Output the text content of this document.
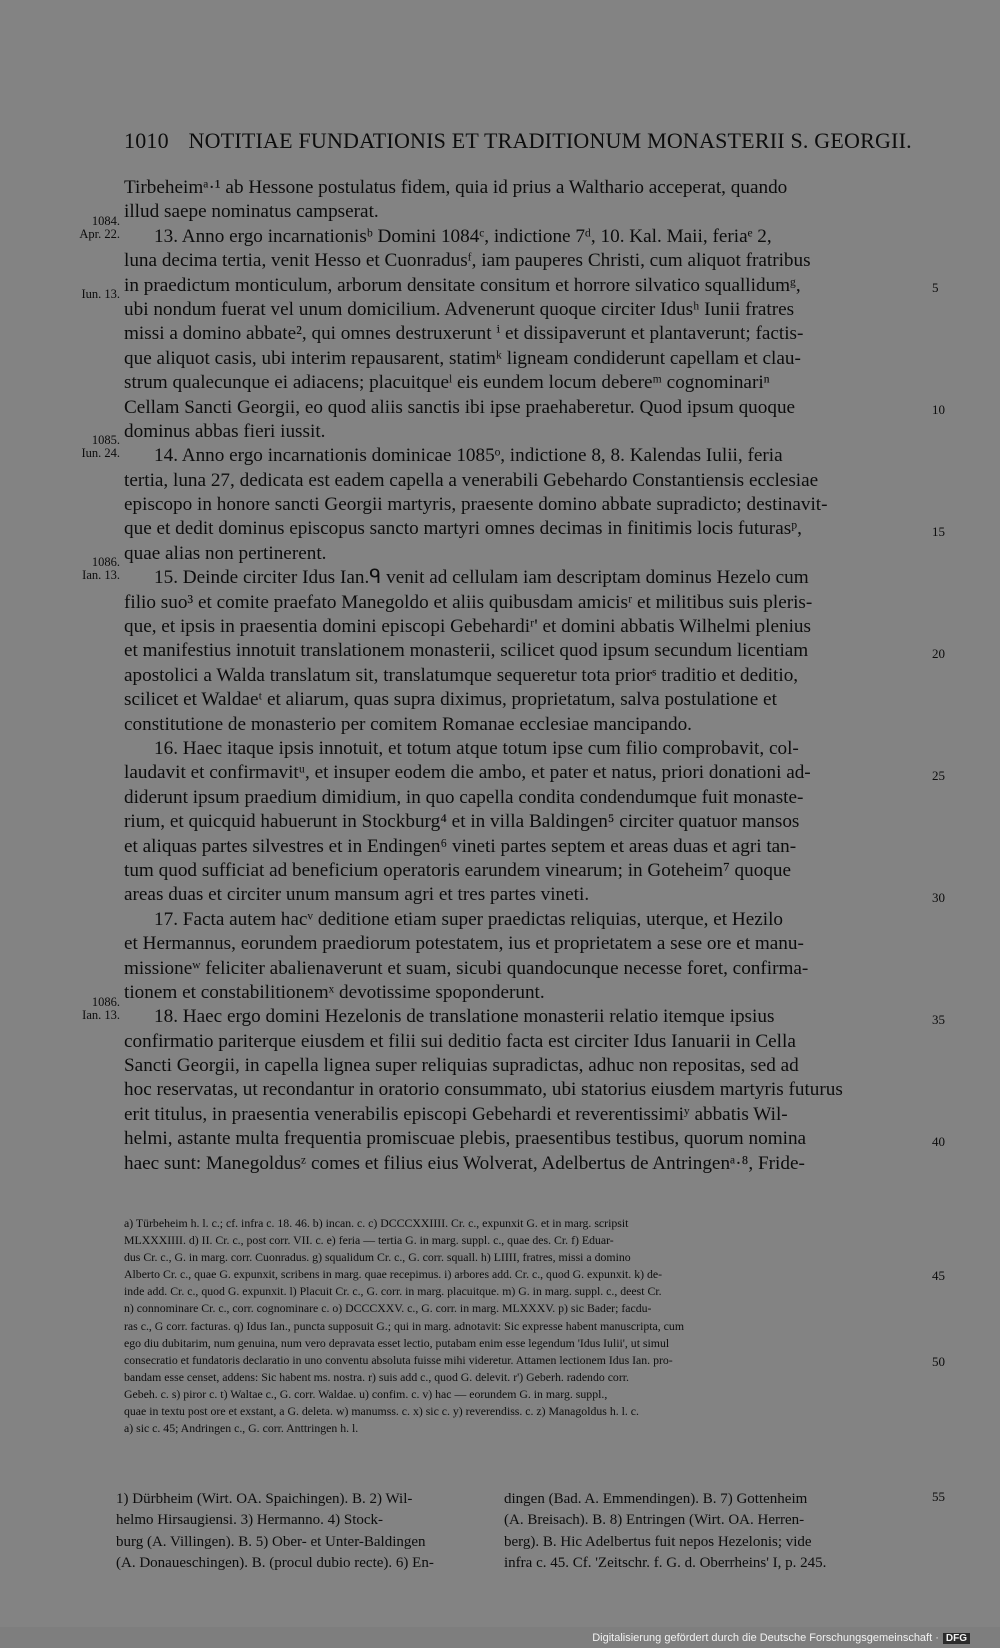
1010 NOTITIAE FUNDATIONIS ET TRADITIONUM MONASTERII S. GEORGII.
Tirbeheimᵃ·¹ ab Hessone postulatus fidem, quia id prius a Walthario acceperat, quando
illud saepe nominatus campserat.
13. Anno ergo incarnationisᵇ Domini 1084ᶜ, indictione 7ᵈ, 10. Kal. Maii, feriaᵉ 2,
luna decima tertia, venit Hesso et Cuonradusᶠ, iam pauperes Christi, cum aliquot fratribus
in praedictum monticulum, arborum densitate consitum et horrore silvatico squallidumᵍ,
ubi nondum fuerat vel unum domicilium. Advenerunt quoque circiter Idusʰ Iunii fratres
missi a domino abbate², qui omnes destruxerunt ⁱ et dissipaverunt et plantaverunt; factis-
que aliquot casis, ubi interim repausarent, statimᵏ ligneam condiderunt capellam et clau-
strum qualecunque ei adiacens; placuitqueˡ eis eundem locum debereᵐ cognominariⁿ
Cellam Sancti Georgii, eo quod aliis sanctis ibi ipse praehaberetur. Quod ipsum quoque
dominus abbas fieri iussit.
14. Anno ergo incarnationis dominicae 1085ᵒ, indictione 8, 8. Kalendas Iulii, feria
tertia, luna 27, dedicata est eadem capella a venerabili Gebehardo Constantiensis ecclesiae
episcopo in honore sancti Georgii martyris, praesente domino abbate supradicto; destinavit-
que et dedit dominus episcopus sancto martyri omnes decimas in finitimis locis futurasᵖ,
quae alias non pertinerent.
15. Deinde circiter Idus Ian.ᑫ venit ad cellulam iam descriptam dominus Hezelo cum
filio suo³ et comite praefato Manegoldo et aliis quibusdam amicisʳ et militibus suis pleris-
que, et ipsis in praesentia domini episcopi Gebehardiʳ' et domini abbatis Wilhelmi plenius
et manifestius innotuit translationem monasterii, scilicet quod ipsum secundum licentiam
apostolici a Walda translatum sit, translatumque sequeretur tota priorˢ traditio et deditio,
scilicet et Waldaeᵗ et aliarum, quas supra diximus, proprietatum, salva postulatione et
constitutione de monasterio per comitem Romanae ecclesiae mancipando.
16. Haec itaque ipsis innotuit, et totum atque totum ipse cum filio comprobavit, col-
laudavit et confirmavitᵘ, et insuper eodem die ambo, et pater et natus, priori donationi ad-
diderunt ipsum praedium dimidium, in quo capella condita condendumque fuit monaste-
rium, et quicquid habuerunt in Stockburg⁴ et in villa Baldingen⁵ circiter quatuor mansos
et aliquas partes silvestres et in Endingen⁶ vineti partes septem et areas duas et agri tan-
tum quod sufficiat ad beneficium operatoris earundem vinearum; in Goteheim⁷ quoque
areas duas et circiter unum mansum agri et tres partes vineti.
17. Facta autem hacᵛ deditione etiam super praedictas reliquias, uterque, et Hezilo
et Hermannus, eorundem praediorum potestatem, ius et proprietatem a sese ore et manu-
missioneʷ feliciter abalienaverunt et suam, sicubi quandocunque necesse foret, confirma-
tionem et constabilitionemˣ devotissime spoponderunt.
18. Haec ergo domini Hezelonis de translatione monasterii relatio itemque ipsius
confirmatio pariterque eiusdem et filii sui deditio facta est circiter Idus Ianuarii in Cella
Sancti Georgii, in capella lignea super reliquias supradictas, adhuc non repositas, sed ad
hoc reservatas, ut recondantur in oratorio consummato, ubi statorius eiusdem martyris futurus
erit titulus, in praesentia venerabilis episcopi Gebehardi et reverentissimiʸ abbatis Wil-
helmi, astante multa frequentia promiscuae plebis, praesentibus testibus, quorum nomina
haec sunt: Manegoldusᶻ comes et filius eius Wolverat, Adelbertus de Antringenᵃ·⁸, Fride-
1084.
Apr. 22.
Iun. 13.
1085.
Iun. 24.
1086.
Ian. 13.
1086.
Ian. 13.
5
10
15
20
25
30
35
40
45
50
a) Türbeheim h. l. c.; cf. infra c. 18. 46. b) incan. c. c) DCCCXXIIII. Cr. c., expunxit G. et in marg. scripsit
MLXXXIIII. d) II. Cr. c., post corr. VII. c. e) feria — tertia G. in marg. suppl. c., quae des. Cr. f) Eduar-
dus Cr. c., G. in marg. corr. Cuonradus. g) squalidum Cr. c., G. corr. squall. h) LIIII, fratres, missi a domino
Alberto Cr. c., quae G. expunxit, scribens in marg. quae recepimus. i) arbores add. Cr. c., quod G. expunxit. k) de-
inde add. Cr. c., quod G. expunxit. l) Placuit Cr. c., G. corr. in marg. placuitque. m) G. in marg. suppl. c., deest Cr.
n) connominare Cr. c., corr. cognominare c. o) DCCCXXV. c., G. corr. in marg. MLXXXV. p) sic Bader; facdu-
ras c., G corr. facturas. q) Idus Ian., puncta supposuit G.; qui in marg. adnotavit: Sic expresse habent manuscripta, cum
ego diu dubitarim, num genuina, num vero depravata esset lectio, putabam enim esse legendum 'Idus Iulii', ut simul
consecratio et fundatoris declaratio in uno conventu absoluta fuisse mihi videretur. Attamen lectionem Idus Ian. pro-
bandam esse censet, addens: Sic habent ms. nostra. r) suis add c., quod G. delevit. r') Geberh. radendo corr.
Gebeh. c. s) piror c. t) Waltae c., G. corr. Waldae. u) confim. c. v) hac — eorundem G. in marg. suppl.,
quae in textu post ore et exstant, a G. deleta. w) manumss. c. x) sic c. y) reverendiss. c. z) Managoldus h. l. c.
a) sic c. 45; Andringen c., G. corr. Anttringen h. l.
1) Dürbheim (Wirt. OA. Spaichingen). B. 2) Wil-
helmo Hirsaugiensi. 3) Hermanno. 4) Stock-
burg (A. Villingen). B. 5) Ober- et Unter-Baldingen
(A. Donaueschingen). B. (procul dubio recte). 6) En-
dingen (Bad. A. Emmendingen). B. 7) Gottenheim
(A. Breisach). B. 8) Entringen (Wirt. OA. Herren-
berg). B. Hic Adelbertus fuit nepos Hezelonis; vide
infra c. 45. Cf. 'Zeitschr. f. G. d. Oberrheins' I, p. 245.
55
Digitalisierung gefördert durch die Deutsche Forschungsgemeinschaft · DFG
